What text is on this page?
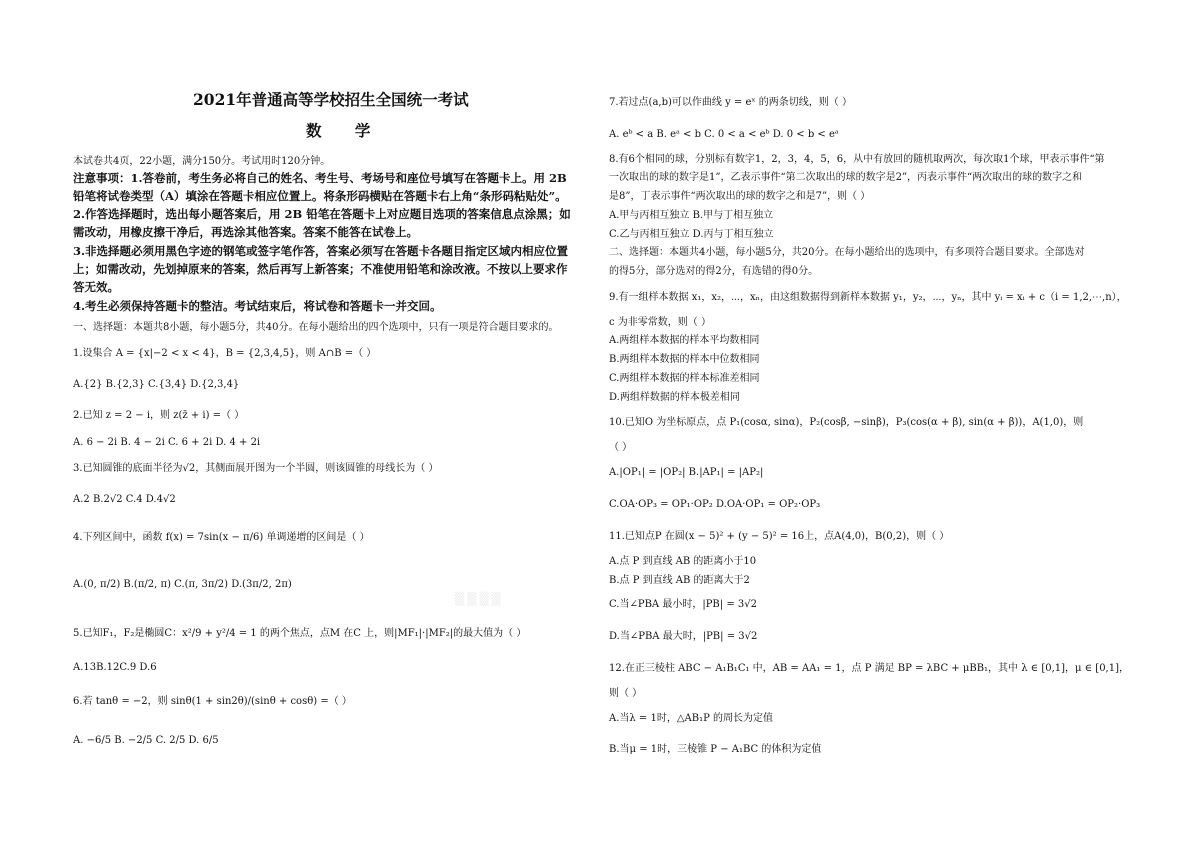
2021年普通高等学校招生全国统一考试
数 学
本试卷共4页，22小题，满分150分。考试用时120分钟。
注意事项：1.答卷前，考生务必将自己的姓名、考生号、考场号和座位号填写在答题卡上。用 2B
铅笔将试卷类型（A）填涂在答题卡相应位置上。将条形码横贴在答题卡右上角“条形码粘贴处”。
2.作答选择题时，选出每小题答案后，用 2B 铅笔在答题卡上对应题目选项的答案信息点涂黑；如
需改动，用橡皮擦干净后，再选涂其他答案。答案不能答在试卷上。
3.非选择题必须用黑色字迹的钢笔或签字笔作答，答案必须写在答题卡各题目指定区域内相应位置
上；如需改动，先划掉原来的答案，然后再写上新答案；不准使用铅笔和涂改液。不按以上要求作
答无效。
4.考生必须保持答题卡的整洁。考试结束后，将试卷和答题卡一并交回。
一、选择题：本题共8小题，每小题5分，共40分。在每小题给出的四个选项中，只有一项是符合题目要求的。
1.设集合 A = {x|−2 < x < 4}，B = {2,3,4,5}，则 A∩B =（ ）
A.{2} B.{2,3} C.{3,4} D.{2,3,4}
2.已知 z = 2 − i，则 z(z̄ + i) =（ ）
A. 6 − 2i B. 4 − 2i C. 6 + 2i D. 4 + 2i
3.已知圆锥的底面半径为√2，其侧面展开图为一个半圆，则该圆锥的母线长为（ ）
A.2 B.2√2 C.4 D.4√2
4.下列区间中，函数 f(x) = 7sin(x − π/6) 单调递增的区间是（ ）
A.(0, π/2) B.(π/2, π) C.(π, 3π/2) D.(3π/2, 2π)
5.已知F₁，F₂是椭圆C：x²/9 + y²/4 = 1 的两个焦点，点M 在C 上，则|MF₁|·|MF₂|的最大值为（ ）
A.13B.12C.9 D.6
6.若 tanθ = −2，则 sinθ(1 + sin2θ)/(sinθ + cosθ) =（ ）
A. −6/5 B. −2/5 C. 2/5 D. 6/5
7.若过点(a,b)可以作曲线 y = eˣ 的两条切线，则（ ）
A. eᵇ < a B. eᵃ < b C. 0 < a < eᵇ D. 0 < b < eᵃ
8.有6个相同的球，分别标有数字1，2，3，4，5，6，从中有放回的随机取两次，每次取1个球，甲表示事件“第
一次取出的球的数字是1”，乙表示事件“第二次取出的球的数字是2”，丙表示事件“两次取出的球的数字之和
是8”，丁表示事件“两次取出的球的数字之和是7”，则（ ）
A.甲与丙相互独立 B.甲与丁相互独立
C.乙与丙相互独立 D.丙与丁相互独立
二、选择题：本题共4小题，每小题5分，共20分。在每小题给出的选项中，有多项符合题目要求。全部选对
的得5分，部分选对的得2分，有选错的得0分。
9.有一组样本数据 x₁，x₂，⋯，xₙ，由这组数据得到新样本数据 y₁，y₂，⋯，yₙ，其中 yᵢ = xᵢ + c（i = 1,2,⋯,n），
c 为非零常数，则（ ）
A.两组样本数据的样本平均数相同
B.两组样本数据的样本中位数相同
C.两组样本数据的样本标准差相同
D.两组样数据的样本极差相同
10.已知O 为坐标原点，点 P₁(cosα, sinα)，P₂(cosβ, −sinβ)，P₃(cos(α + β), sin(α + β))，A(1,0)，则
（ ）
A.|OP₁| = |OP₂| B.|AP₁| = |AP₂|
C.OA·OP₃ = OP₁·OP₂ D.OA·OP₁ = OP₂·OP₃
11.已知点P 在圆(x − 5)² + (y − 5)² = 16上，点A(4,0)，B(0,2)，则（ ）
A.点 P 到直线 AB 的距离小于10
B.点 P 到直线 AB 的距离大于2
C.当∠PBA 最小时，|PB| = 3√2
D.当∠PBA 最大时，|PB| = 3√2
12.在正三棱柱 ABC − A₁B₁C₁ 中，AB = AA₁ = 1，点 P 满足 BP = λBC + μBB₁，其中 λ ∈ [0,1]，μ ∈ [0,1]，
则（ ）
A.当λ = 1时，△AB₁P 的周长为定值
B.当μ = 1时，三棱锥 P − A₁BC 的体积为定值
▒▒▒▒
